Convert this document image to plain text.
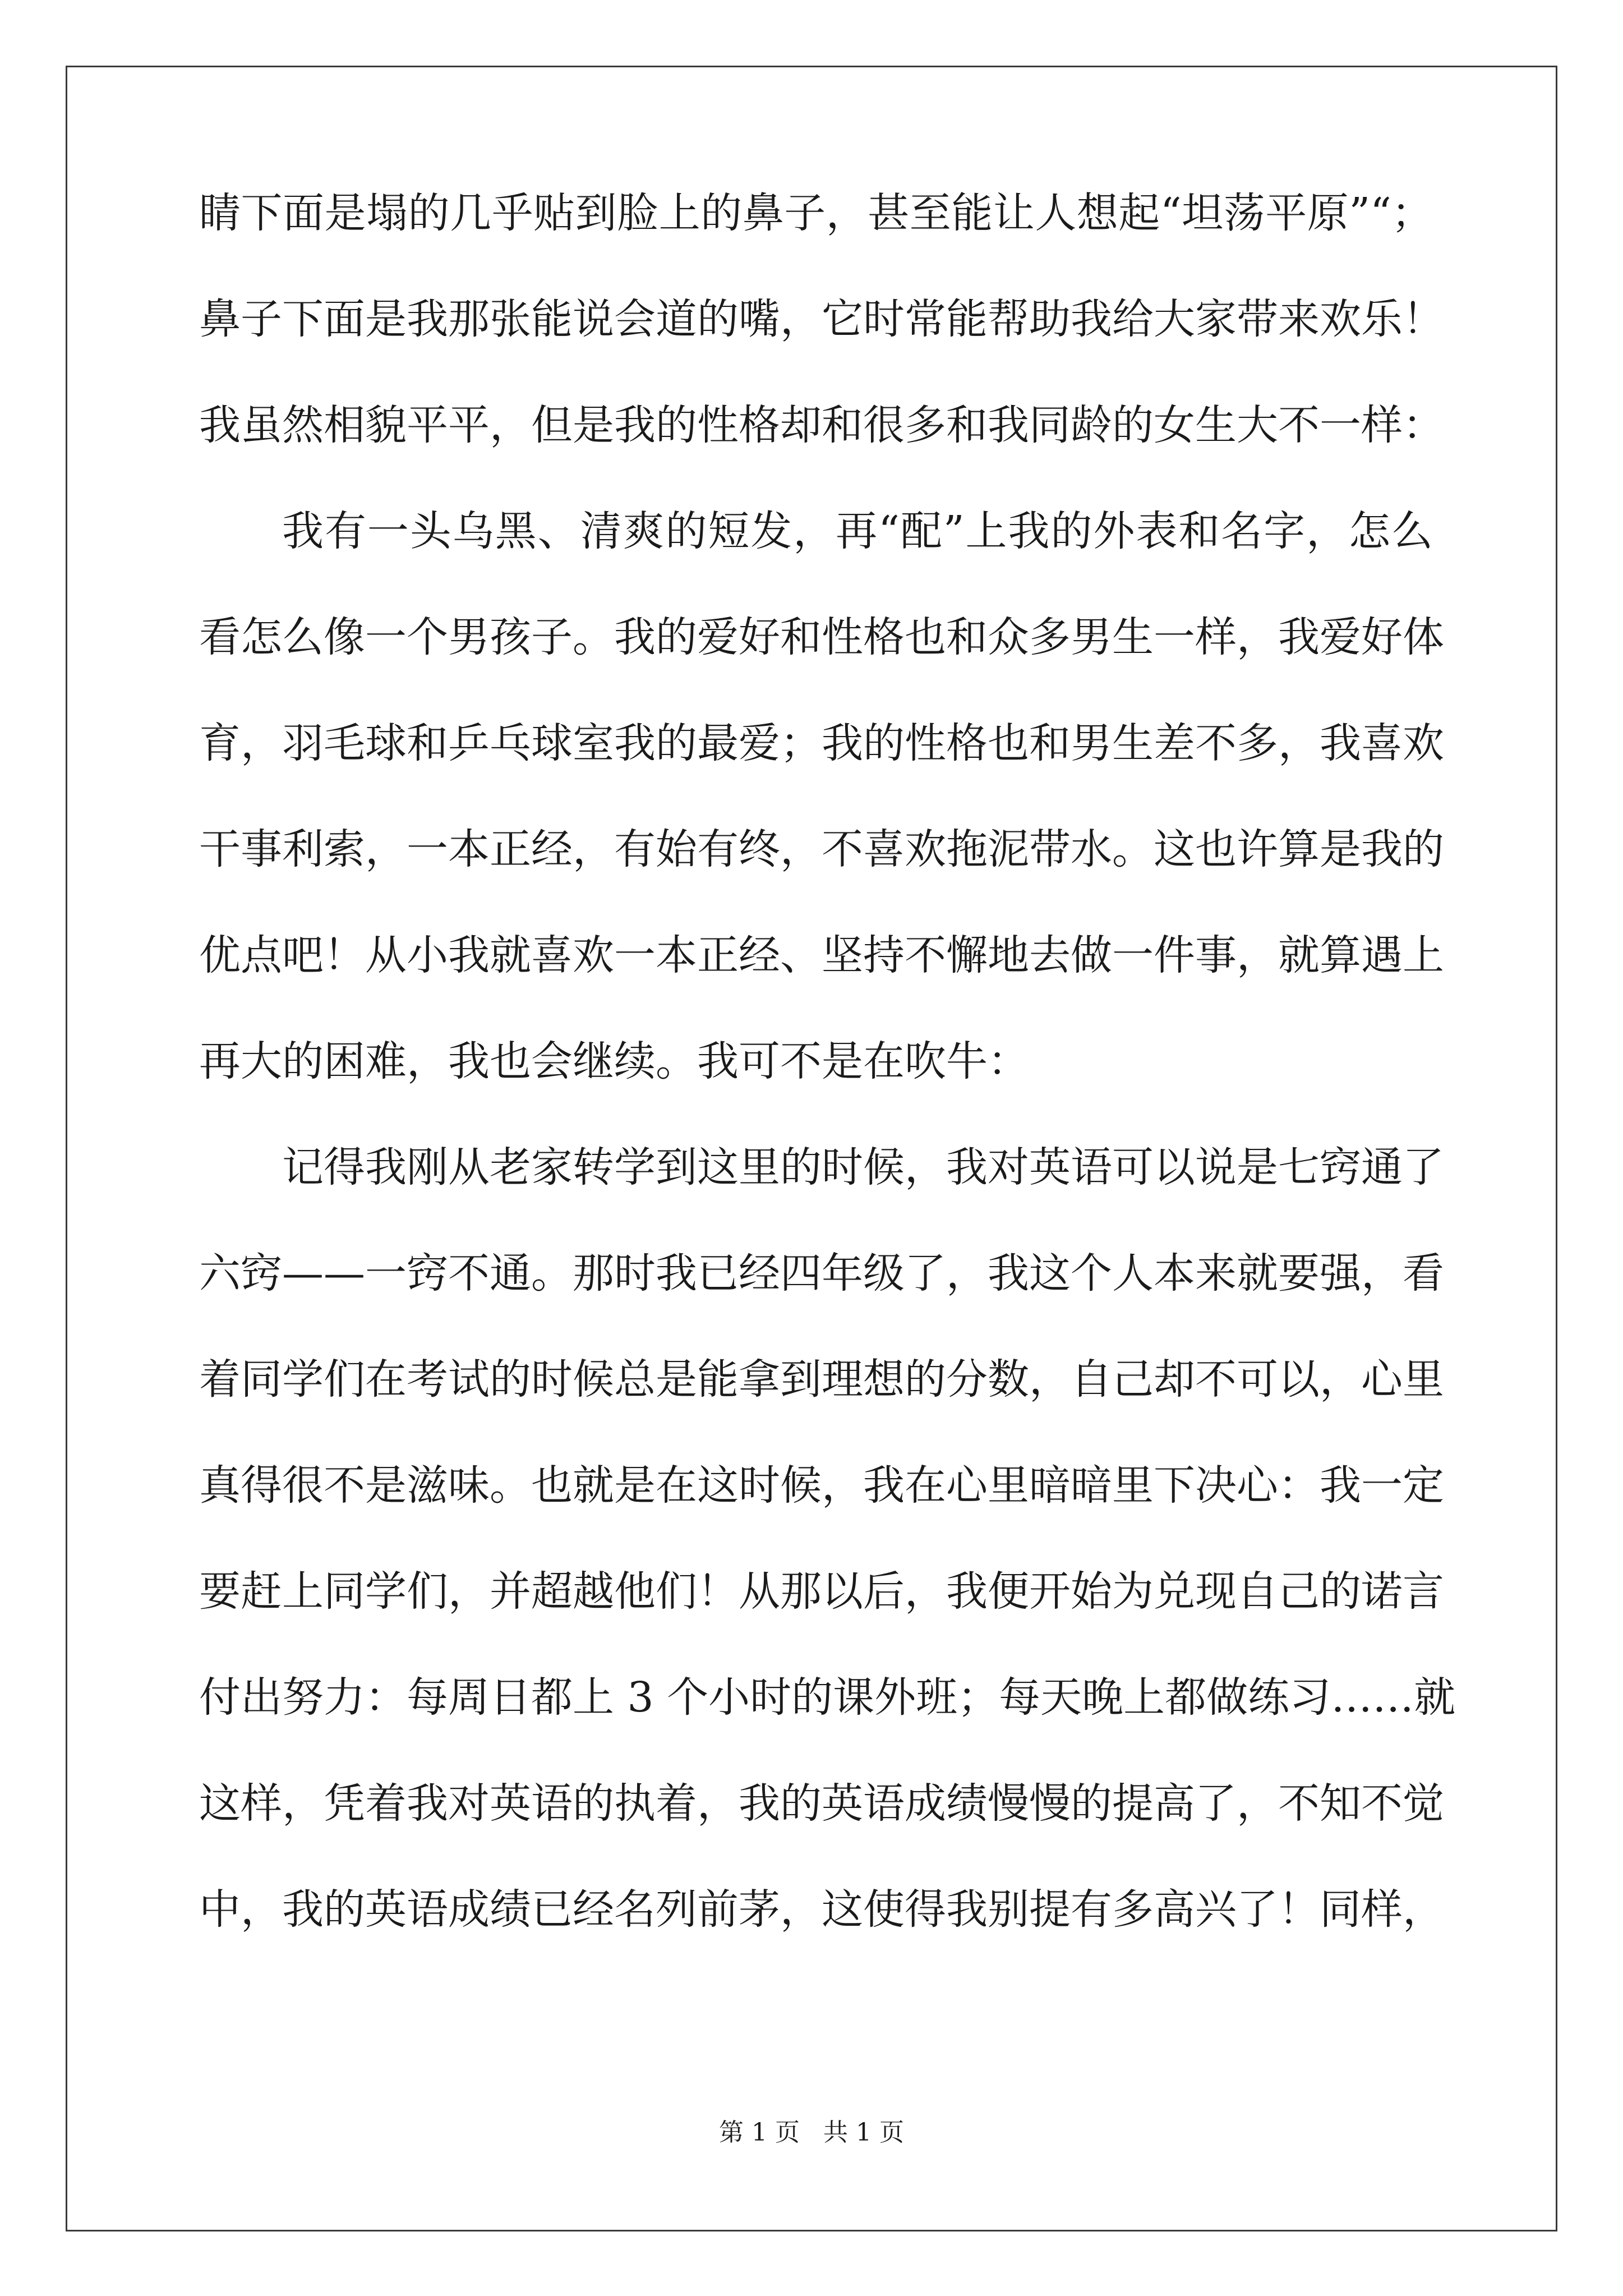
睛下面是塌的几乎贴到脸上的鼻子，甚至能让人想起“坦荡平原”“；
鼻子下面是我那张能说会道的嘴，它时常能帮助我给大家带来欢乐！
我虽然相貌平平，但是我的性格却和很多和我同龄的女生大不一样：
我有一头乌黑、清爽的短发，再“配”上我的外表和名字，怎么
看怎么像一个男孩子。我的爱好和性格也和众多男生一样，我爱好体
育，羽毛球和乒乓球室我的最爱；我的性格也和男生差不多，我喜欢
干事利索，一本正经，有始有终，不喜欢拖泥带水。这也许算是我的
优点吧！从小我就喜欢一本正经、坚持不懈地去做一件事，就算遇上
再大的困难，我也会继续。我可不是在吹牛：
记得我刚从老家转学到这里的时候，我对英语可以说是七窍通了
六窍——一窍不通。那时我已经四年级了，我这个人本来就要强，看
着同学们在考试的时候总是能拿到理想的分数，自己却不可以，心里
真得很不是滋味。也就是在这时候，我在心里暗暗里下决心：我一定
要赶上同学们，并超越他们！从那以后，我便开始为兑现自己的诺言
付出努力：每周日都上 3 个小时的课外班；每天晚上都做练习……就
这样，凭着我对英语的执着，我的英语成绩慢慢的提高了，不知不觉
中，我的英语成绩已经名列前茅，这使得我别提有多高兴了！同样，
第 1 页   共 1 页
